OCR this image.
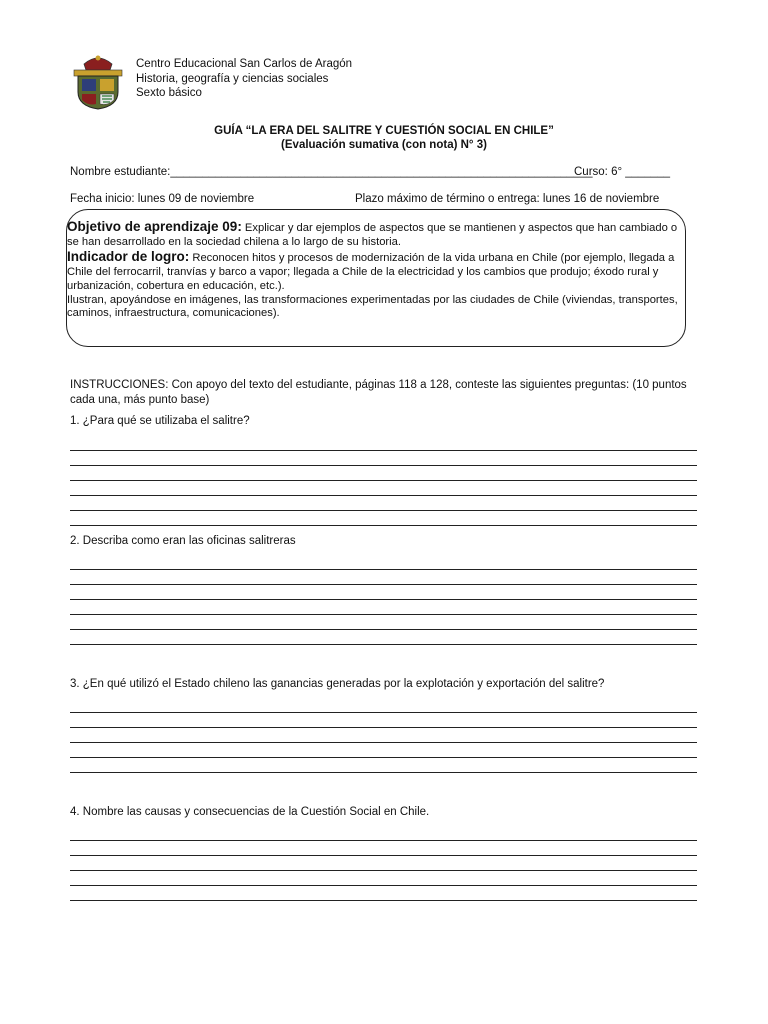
Centro Educacional San Carlos de Aragón
Historia, geografía y ciencias sociales
Sexto básico
GUÍA “LA ERA DEL SALITRE Y CUESTIÓN SOCIAL EN CHILE”
(Evaluación sumativa (con nota) N° 3)
Nombre estudiante:__________________________________________________________________
Curso: 6° _______
Fecha inicio: lunes 09 de noviembre	Plazo máximo de término o entrega: lunes 16 de noviembre
Objetivo de aprendizaje 09: Explicar y dar ejemplos de aspectos que se mantienen y aspectos que han cambiado o se han desarrollado en la sociedad chilena a lo largo de su historia.
Indicador de logro: Reconocen hitos y procesos de modernización de la vida urbana en Chile (por ejemplo, llegada a Chile del ferrocarril, tranvías y barco a vapor; llegada a Chile de la electricidad y los cambios que produjo; éxodo rural y urbanización, cobertura en educación, etc.).
Ilustran, apoyándose en imágenes, las transformaciones experimentadas por las ciudades de Chile (viviendas, transportes, caminos, infraestructura, comunicaciones).
INSTRUCCIONES: Con apoyo del texto del estudiante, páginas 118 a 128, conteste las siguientes preguntas: (10 puntos cada una, más punto base)
1. ¿Para qué se utilizaba el salitre?
2. Describa como eran las oficinas salitreras
3. ¿En qué utilizó el Estado chileno las ganancias generadas por la explotación y exportación del salitre?
4. Nombre las causas y consecuencias de la Cuestión Social en Chile.
